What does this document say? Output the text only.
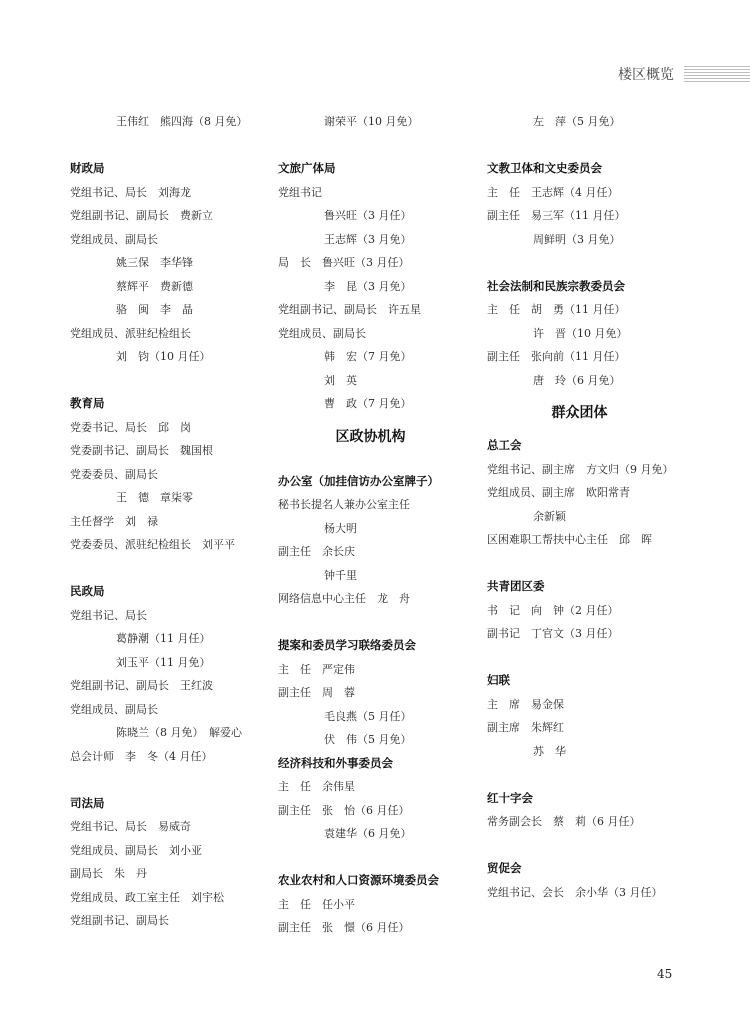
楼区概览
王伟红　熊四海（8 月免）
财政局
党组书记、局长　刘海龙
党组副书记、副局长　费新立
党组成员、副局长
姚三保　李华锋
蔡辉平　费新德
骆　闽　李　晶
党组成员、派驻纪检组长
刘　钧（10 月任）
教育局
党委书记、局长　邱　岗
党委副书记、副局长　魏国根
党委委员、副局长
王　德　章柒零
主任督学　刘　禄
党委委员、派驻纪检组长　刘平平
民政局
党组书记、局长
葛静潮（11 月任）
刘玉平（11 月免）
党组副书记、副局长　王红波
党组成员、副局长
陈晓兰（8 月免）　解爱心
总会计师　李　冬（4 月任）
司法局
党组书记、局长　易威奇
党组成员、副局长　刘小亚
副局长　朱　丹
党组成员、政工室主任　刘宇松
党组副书记、副局长
谢荣平（10 月免）
文旅广体局
党组书记
鲁兴旺（3 月任）
王志辉（3 月免）
局　长　鲁兴旺（3 月任）
李　昆（3 月免）
党组副书记、副局长　许五星
党组成员、副局长
韩　宏（7 月免）
刘　英
曹　政（7 月免）
区政协机构
办公室（加挂信访办公室牌子）
秘书长提名人兼办公室主任
杨大明
副主任　余长庆
钟千里
网络信息中心主任　龙　舟
提案和委员学习联络委员会
主　任　严定伟
副主任　周　蓉
毛良燕（5 月任）
伏　伟（5 月免）
经济科技和外事委员会
主　任　余伟星
副主任　张　怡（6 月任）
袁建华（6 月免）
农业农村和人口资源环境委员会
主　任　任小平
副主任　张　憬（6 月任）
左　萍（5 月免）
文教卫体和文史委员会
主　任　王志辉（4 月任）
副主任　易三军（11 月任）
周鲜明（3 月免）
社会法制和民族宗教委员会
主　任　胡　勇（11 月任）
许　晋（10 月免）
副主任　张向前（11 月任）
唐　玲（6 月免）
群众团体
总工会
党组书记、副主席　方文归（9 月免）
党组成员、副主席　欧阳常青
余新颖
区困难职工帮扶中心主任　邱　晖
共青团区委
书　记　向　钟（2 月任）
副书记　丁官文（3 月任）
妇联
主　席　易金保
副主席　朱辉红
苏　华
红十字会
常务副会长　蔡　莉（6 月任）
贸促会
党组书记、会长　余小华（3 月任）
45
